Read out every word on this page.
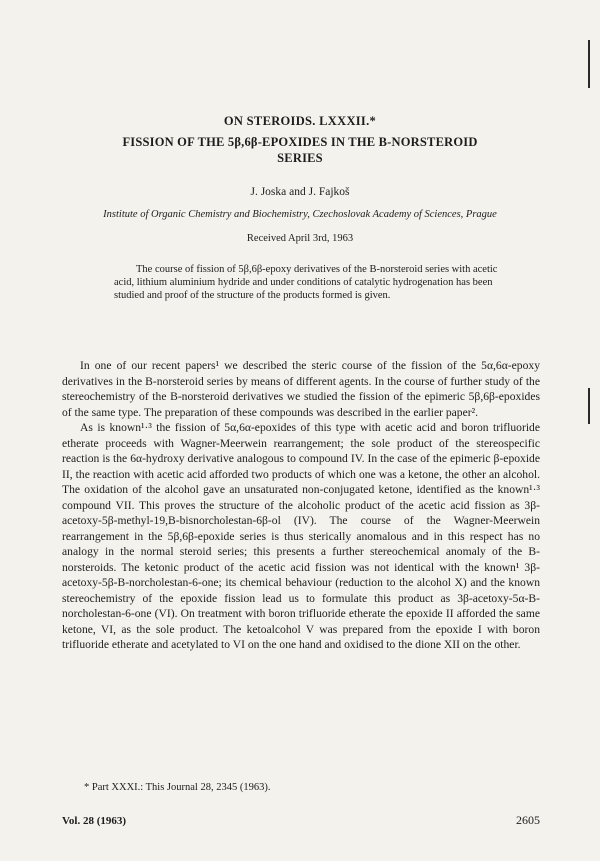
ON STEROIDS. LXXXII.*
FISSION OF THE 5β,6β-EPOXIDES IN THE B-NORSTEROID SERIES
J. Joska and J. Fajkoš
Institute of Organic Chemistry and Biochemistry, Czechoslovak Academy of Sciences, Prague
Received April 3rd, 1963

The course of fission of 5β,6β-epoxy derivatives of the B-norsteroid series with acetic acid, lithium aluminium hydride and under conditions of catalytic hydrogenation has been studied and proof of the structure of the products formed is given.

In one of our recent papers¹ we described the steric course of the fission of the 5α,6α-epoxy derivatives in the B-norsteroid series by means of different agents. In the course of further study of the stereochemistry of the B-norsteroid derivatives we studied the fission of the epimeric 5β,6β-epoxides of the same type. The preparation of these compounds was described in the earlier paper².

As is known¹·³ the fission of 5α,6α-epoxides of this type with acetic acid and boron trifluoride etherate proceeds with Wagner-Meerwein rearrangement; the sole product of the stereospecific reaction is the 6α-hydroxy derivative analogous to compound IV. In the case of the epimeric β-epoxide II, the reaction with acetic acid afforded two products of which one was a ketone, the other an alcohol. The oxidation of the alcohol gave an unsaturated non-conjugated ketone, identified as the known¹·³ compound VII. This proves the structure of the alcoholic product of the acetic acid fission as 3β-acetoxy-5β-methyl-19,B-bisnorcholestan-6β-ol (IV). The course of the Wagner-Meerwein rearrangement in the 5β,6β-epoxide series is thus sterically anomalous and in this respect has no analogy in the normal steroid series; this presents a further stereochemical anomaly of the B-norsteroids. The ketonic product of the acetic acid fission was not identical with the known¹ 3β-acetoxy-5β-B-norcholestan-6-one; its chemical behaviour (reduction to the alcohol X) and the known stereochemistry of the epoxide fission lead us to formulate this product as 3β-acetoxy-5α-B-norcholestan-6-one (VI). On treatment with boron trifluoride etherate the epoxide II afforded the same ketone, VI, as the sole product. The ketoalcohol V was prepared from the epoxide I with boron trifluoride etherate and acetylated to VI on the one hand and oxidised to the dione XII on the other.

* Part XXXI.: This Journal 28, 2345 (1963).
Vol. 28 (1963)	2605
